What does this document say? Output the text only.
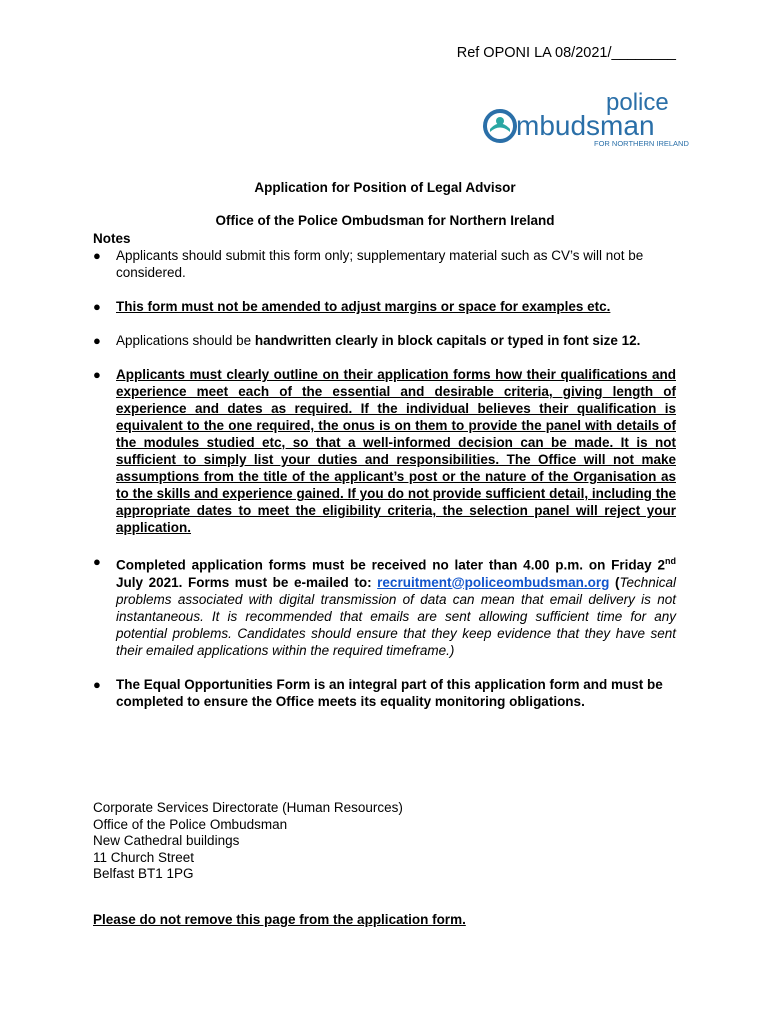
Ref OPONI LA 08/2021/________
police
mbudsman
FOR NORTHERN IRELAND
Application for Position of Legal Advisor
Office of the Police Ombudsman for Northern Ireland
Notes
● Applicants should submit this form only; supplementary material such as CV’s will not be considered.
● This form must not be amended to adjust margins or space for examples etc.
● Applications should be handwritten clearly in block capitals or typed in font size 12.
● Applicants must clearly outline on their application forms how their qualifications and experience meet each of the essential and desirable criteria, giving length of experience and dates as required. If the individual believes their qualification is equivalent to the one required, the onus is on them to provide the panel with details of the modules studied etc, so that a well-informed decision can be made. It is not sufficient to simply list your duties and responsibilities. The Office will not make assumptions from the title of the applicant’s post or the nature of the Organisation as to the skills and experience gained. If you do not provide sufficient detail, including the appropriate dates to meet the eligibility criteria, the selection panel will reject your application.
● Completed application forms must be received no later than 4.00 p.m. on Friday 2nd July 2021. Forms must be e-mailed to: recruitment@policeombudsman.org (Technical problems associated with digital transmission of data can mean that email delivery is not instantaneous. It is recommended that emails are sent allowing sufficient time for any potential problems. Candidates should ensure that they keep evidence that they have sent their emailed applications within the required timeframe.)
● The Equal Opportunities Form is an integral part of this application form and must be completed to ensure the Office meets its equality monitoring obligations.
Corporate Services Directorate (Human Resources)
Office of the Police Ombudsman
New Cathedral buildings
11 Church Street
Belfast BT1 1PG
Please do not remove this page from the application form.
